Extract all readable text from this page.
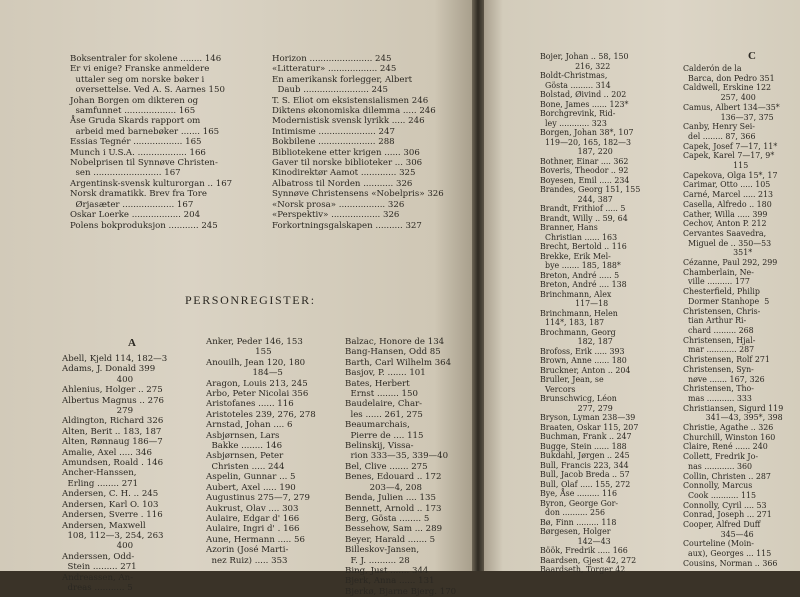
Boksentraler for skolene ........ 146
Er vi enige? Franske anmeldere
uttaler seg om norske bøker i
oversettelse. Ved A. S. Aarnes 150
Johan Borgen om dikteren og
samfunnet ................... 165
Åse Gruda Skards rapport om
arbeid med barnebøker ....... 165
Essias Tegnér .................. 165
Munch i U.S.A. .................. 166
Nobelprisen til Synnøve Christen-
sen ......................... 167
Argentinsk-svensk kulturorgan .. 167
Norsk dramatikk. Brev fra Tore
Ørjasæter ................... 167
Oskar Loerke .................. 204
Polens bokproduksjon ........... 245
Horizon ....................... 245
«Litteratur» .................. 245
En amerikansk forlegger, Albert
Daub ........................ 245
T. S. Eliot om eksistensialismen 246
Diktens økonomiska dilemma ..... 246
Modernistisk svensk lyrikk ..... 246
Intimisme ..................... 247
Bokbilene ..................... 288
Bibliotekene etter krigen ...... 306
Gaver til norske biblioteker ... 306
Kinodirektør Aamot ............. 325
Albatross til Norden ........... 326
Synnøve Christensens «Nobelpris» 326
«Norsk prosa» ................. 326
«Perspektiv» .................. 326
Forkortningsgalskapen .......... 327
PERSONREGISTER:
A
Abell, Kjeld 114, 182—3
Adams, J. Donald 399
400
Ahlenius, Holger .. 275
Albertus Magnus .. 276
279
Aldington, Richard 326
Alten, Berit .. 183, 187
Alten, Rønnaug 186—7
Amalie, Axel ..... 346
Amundsen, Roald . 146
Ancher-Hanssen,
Erling ........ 271
Andersen, C. H. .. 245
Andersen, Karl O. 103
Andersen, Sverre . 116
Andersen, Maxwell
108, 112—3, 254, 263
400
Anderssen, Odd-
Stein ......... 271
Andreassen, An-
dreas ........... 5
Anker, Peder 146, 153
155
Anouilh, Jean 120, 180
184—5
Aragon, Louis 213, 245
Arbo, Peter Nicolai 356
Aristofanes ...... 116
Aristoteles 239, 276, 278
Arnstad, Johan .... 6
Asbjørnsen, Lars
Bakke ........ 146
Asbjørnsen, Peter
Christen ..... 244
Aspelin, Gunnar ... 5
Aubert, Axel ..... 190
Augustinus 275—7, 279
Aukrust, Olav .... 303
Aulaire, Edgar d' 166
Aulaire, Ingri d' . 166
Aune, Hermann ..... 56
Azorin (José Marti-
nez Ruiz) ..... 353
Balzac, Honore de 134
Bang-Hansen, Odd 85
Barth, Carl Wilhelm 364
Basjov, P. ....... 101
Bates, Herbert
Ernst ........ 150
Baudelaire, Char-
les ...... 261, 275
Beaumarchais,
Pierre de .... 115
Belinskij, Vissa-
rion 333—35, 339—40
Bel, Clive ....... 275
Benes, Edouard .. 172
203—4, 208
Benda, Julien .... 135
Bennett, Arnold .. 173
Berg, Gösta ........ 5
Bessehow, Sam ... 289
Beyer, Harald ....... 5
Billeskov-Jansen,
F. J. .......... 28
Bing, Just ....... 344
Bjerk, Anna ...... 131
Bjerkø, Bjarne Bjerg. 170
Bojer, Johan .. 58, 150
216, 322
Boldt-Christmas,
Gösta ......... 314
Bolstad, Øivind .. 202
Bone, James ...... 123*
Borchgrevink, Rid-
ley ............ 323
Borgen, Johan 38*, 107
119—20, 165, 182—3
187, 220
Bothner, Einar .... 362
Boveris, Theodor .. 92
Boyesen, Emil ..... 234
Brandes, Georg 151, 155
244, 387
Brandt, Frithiof ..... 5
Brandt, Willy .. 59, 64
Branner, Hans
Christian ...... 163
Brecht, Bertold .. 116
Brekke, Erik Mel-
bye ....... 185, 188*
Breton, André ..... 5
Breton, André .... 138
Brinchmann, Alex
117—18
Brinchmann, Helen
114*, 183, 187
Brochmann, Georg
182, 187
Brofoss, Erik ..... 393
Brown, Anne ...... 180
Bruckner, Anton .. 204
Bruller, Jean, se
Vercors
Brunschwicg, Léon
277, 279
Bryson, Lyman 238—39
Braaten, Oskar 115, 207
Buchman, Frank .. 247
Bugge, Stein ...... 188
Bukdahl, Jørgen .. 245
Bull, Francis 223, 344
Bull, Jacob Breda .. 57
Bull, Olaf ..... 155, 272
Bye, Åse ......... 116
Byron, George Gor-
don .......... 256
Bø, Finn ......... 118
Børgesen, Holger
142—43
Böök, Fredrik ..... 166
Baardsen, Gjest 42, 272
Baardseth, Torger 42
C
Calderón de la
Barca, don Pedro 351
Caldwell, Erskine 122
257, 400
Camus, Albert 134—35*
136—37, 375
Canby, Henry Sei-
del ........ 87, 366
Capek, Josef 7—17, 11*
Capek, Karel 7—17, 9*
115
Capekova, Olga 15*, 17
Carimar, Otto ..... 105
Carné, Marcel ..... 213
Casella, Alfredo .. 180
Cather, Willa ..... 399
Cechov, Anton P. 212
Cervantes Saavedra,
Miguel de .. 350—53
351*
Cézanne, Paul 292, 299
Chamberlain, Ne-
ville .......... 177
Chesterfield, Philip
Dormer Stanhope  5
Christensen, Chris-
tian Arthur Ri-
chard ......... 268
Christensen, Hjal-
mar ............ 287
Christensen, Rolf 271
Christensen, Syn-
nøve ....... 167, 326
Christensen, Tho-
mas ........... 333
Christiansen, Sigurd 119
341—43, 395*, 398
Christie, Agathe .. 326
Churchill, Winston 160
Claire, René ...... 240
Collett, Fredrik Jo-
nas ............ 360
Collin, Christen .. 287
Connolly, Marcus
Cook ........... 115
Connolly, Cyril .... 53
Conrad, Joseph ... 271
Cooper, Alfred Duff
345—46
Courteline (Moin-
aux), Georges ... 115
Cousins, Norman .. 366
